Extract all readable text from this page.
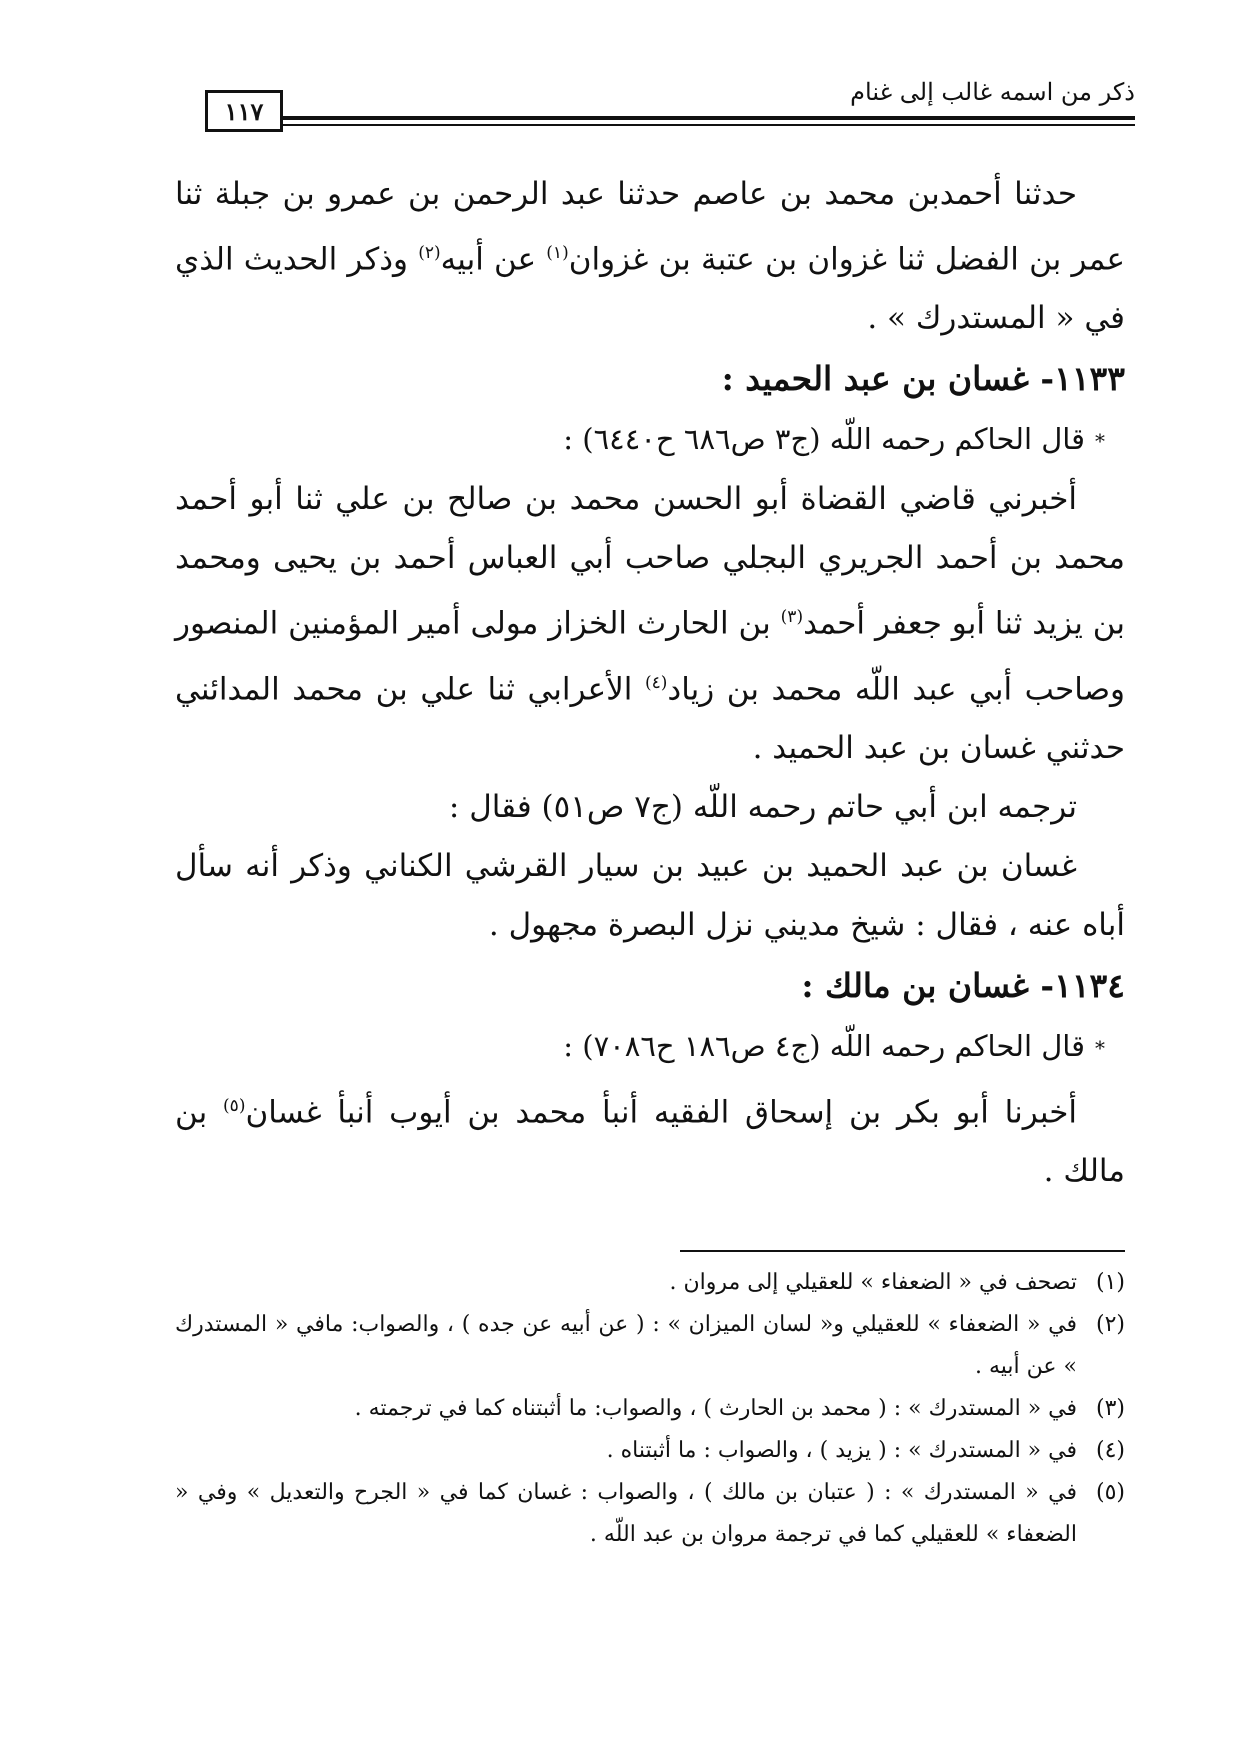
١١٧
ذكر من اسمه غالب إلى غنام

حدثنا أحمدبن محمد بن عاصم حدثنا عبد الرحمن بن عمرو بن جبلة ثنا عمر بن الفضل ثنا غزوان بن عتبة بن غزوان$^{(١)}$ عن أبيه$^{(٢)}$ وذكر الحديث الذي في « المستدرك » .

١١٣٣- غسان بن عبد الحميد :

*قال الحاكم رحمه اللّه (ج٣ ص٦٨٦ ح٦٤٤٠) :

أخبرني قاضي القضاة أبو الحسن محمد بن صالح بن علي ثنا أبو أحمد محمد بن أحمد الجريري البجلي صاحب أبي العباس أحمد بن يحيى ومحمد بن يزيد ثنا أبو جعفر أحمد$^{(٣)}$ بن الحارث الخزاز مولى أمير المؤمنين المنصور وصاحب أبي عبد اللّه محمد بن زياد$^{(٤)}$ الأعرابي ثنا علي بن محمد المدائني حدثني غسان بن عبد الحميد .

ترجمه ابن أبي حاتم رحمه اللّه (ج٧ ص٥١) فقال :

غسان بن عبد الحميد بن عبيد بن سيار القرشي الكناني وذكر أنه سأل أباه عنه ، فقال : شيخ مديني نزل البصرة مجهول .

١١٣٤- غسان بن مالك :

*قال الحاكم رحمه اللّه (ج٤ ص١٨٦ ح٧٠٨٦) :

أخبرنا أبو بكر بن إسحاق الفقيه أنبأ محمد بن أيوب أنبأ غسان$^{(٥)}$ بن مالك .

(١)
تصحف في « الضعفاء » للعقيلي إلى مروان .
(٢)
في « الضعفاء » للعقيلي و« لسان الميزان » : ( عن أبيه عن جده ) ، والصواب: مافي « المستدرك » عن أبيه .
(٣)
في « المستدرك » : ( محمد بن الحارث ) ، والصواب: ما أثبتناه كما في ترجمته .
(٤)
في « المستدرك » : ( يزيد ) ، والصواب : ما أثبتناه .
(٥)
في « المستدرك » : ( عتبان بن مالك ) ، والصواب : غسان كما في « الجرح والتعديل » وفي « الضعفاء » للعقيلي كما في ترجمة مروان بن عبد اللّه .
